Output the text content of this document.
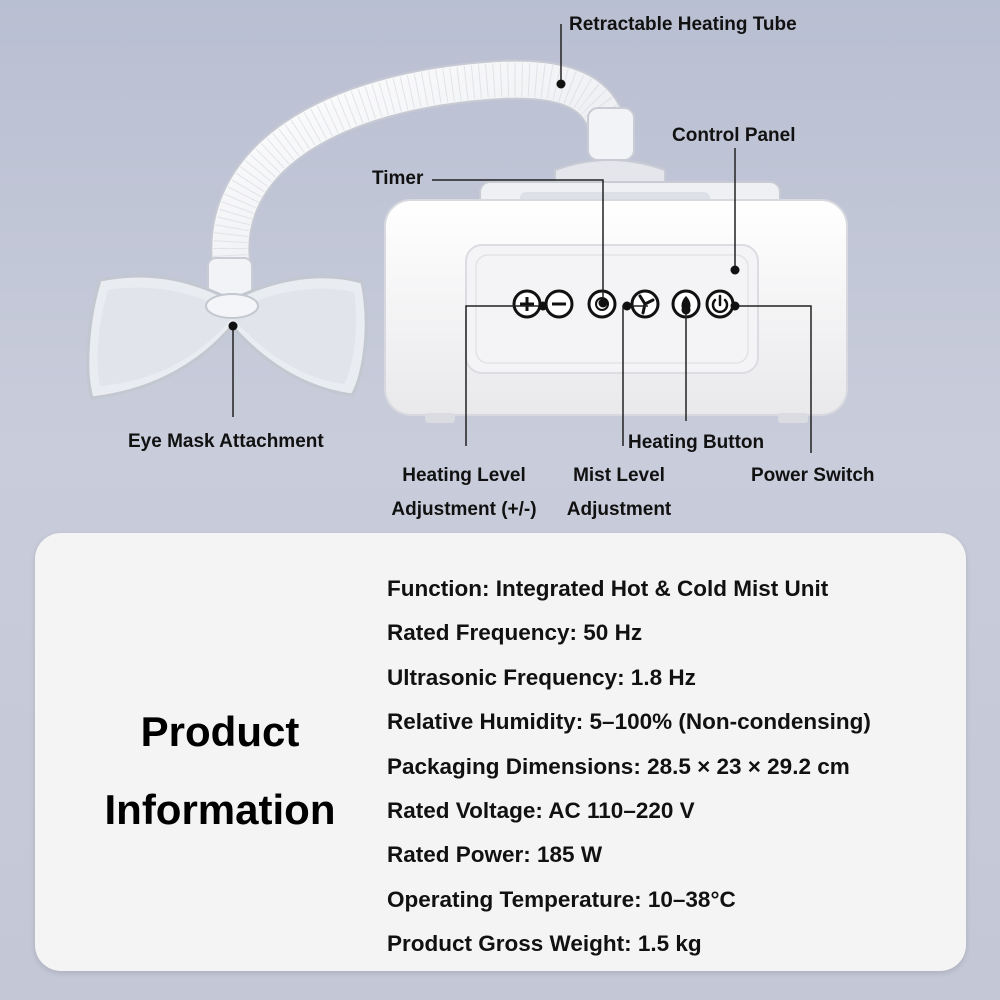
Retractable Heating Tube
Control Panel
Timer
Eye Mask Attachment
Heating Level
Adjustment (+/-)
Mist Level
Adjustment
Heating Button
Power Switch
Product
Information
Function: Integrated Hot & Cold Mist Unit
Rated Frequency: 50 Hz
Ultrasonic Frequency: 1.8 Hz
Relative Humidity: 5–100% (Non-condensing)
Packaging Dimensions: 28.5 × 23 × 29.2 cm
Rated Voltage: AC 110–220 V
Rated Power: 185 W
Operating Temperature: 10–38°C
Product Gross Weight: 1.5 kg
